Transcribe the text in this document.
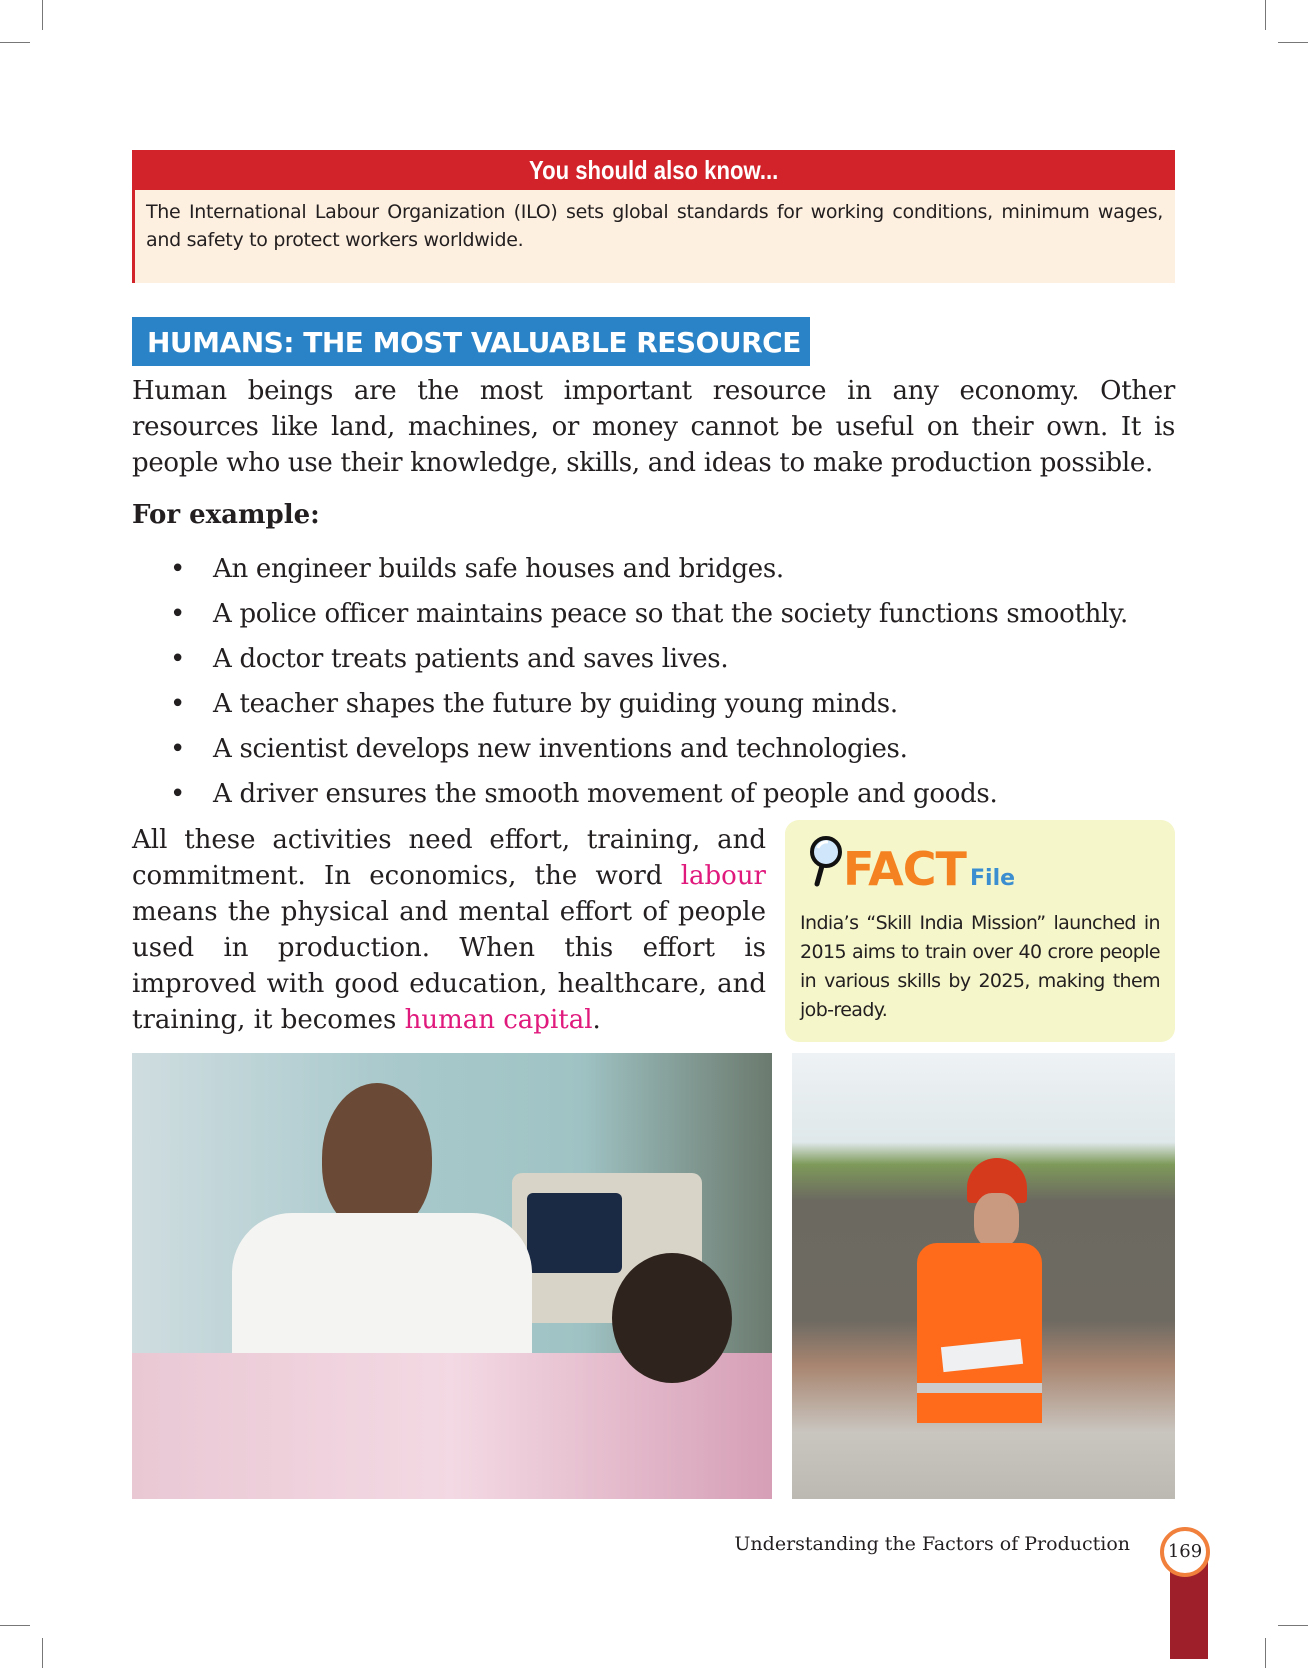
You should also know...
The International Labour Organization (ILO) sets global standards for working conditions, minimum wages, and safety to protect workers worldwide.
HUMANS: THE MOST VALUABLE RESOURCE
Human beings are the most important resource in any economy. Other resources like land, machines, or money cannot be useful on their own. It is people who use their knowledge, skills, and ideas to make production possible.
For example:
• An engineer builds safe houses and bridges.
• A police officer maintains peace so that the society functions smoothly.
• A doctor treats patients and saves lives.
• A teacher shapes the future by guiding young minds.
• A scientist develops new inventions and technologies.
• A driver ensures the smooth movement of people and goods.
All these activities need effort, training, and commitment. In economics, the word labour means the physical and mental effort of people used in production. When this effort is improved with good education, healthcare, and training, it becomes human capital.
FACT File
India’s “Skill India Mission” launched in 2015 aims to train over 40 crore people in various skills by 2025, making them job-ready.
Understanding the Factors of Production	169
